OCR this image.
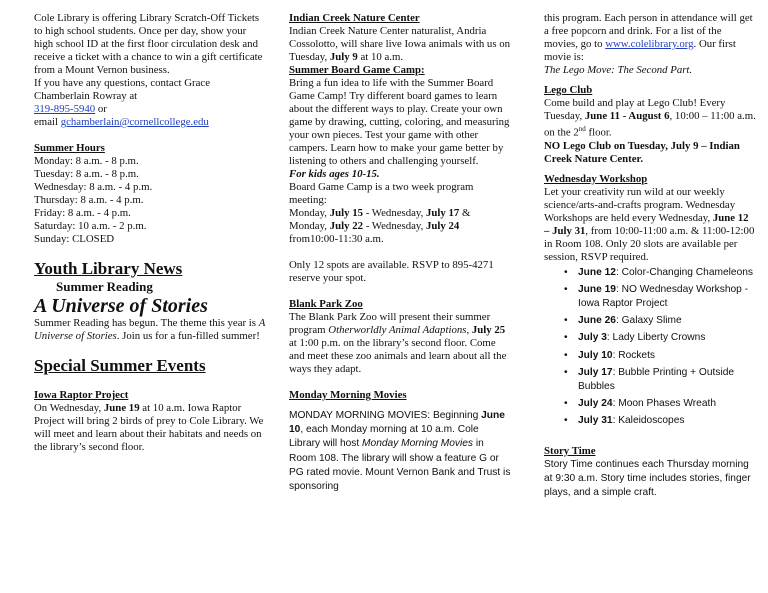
Cole Library is offering Library Scratch-Off Tickets to high school students. Once per day, show your high school ID at the first floor circulation desk and receive a ticket with a chance to win a gift certificate from a Mount Vernon business.

If you have any questions, contact Grace Chamberlain Rowray at
319-895-5940 or
email gchamberlain@cornellcollege.edu

Summer Hours

Monday: 8 a.m. - 8 p.m.

Tuesday: 8 a.m. - 8 p.m.

Wednesday: 8 a.m. - 4 p.m.

Thursday: 8 a.m. - 4 p.m.

Friday: 8 a.m. - 4 p.m.

Saturday: 10 a.m. - 2 p.m.

Sunday: CLOSED

Youth Library News

Summer Reading

A Universe of Stories

Summer Reading has begun. The theme this year is A Universe of Stories. Join us for a fun-filled summer!

Special Summer Events

Iowa Raptor Project

On Wednesday, June 19 at 10 a.m. Iowa Raptor Project will bring 2 birds of prey to Cole Library. We will meet and learn about their habitats and needs on the library’s second floor.

Indian Creek Nature Center

Indian Creek Nature Center naturalist, Andria Cossolotto, will share live Iowa animals with us on Tuesday, July 9 at 10 a.m.

Summer Board Game Camp:

Bring a fun idea to life with the Summer Board Game Camp! Try different board games to learn about the different ways to play. Create your own game by drawing, cutting, coloring, and measuring your own pieces. Test your game with other campers. Learn how to make your game better by listening to others and challenging yourself.

For kids ages 10-15.

Board Game Camp is a two week program meeting:

Monday, July 15 - Wednesday, July 17 & Monday, July 22 - Wednesday, July 24 from10:00-11:30 a.m.

Only 12 spots are available. RSVP to 895-4271 reserve your spot.

Blank Park Zoo

The Blank Park Zoo will present their summer program Otherworldly Animal Adaptions, July 25 at 1:00 p.m. on the library’s second floor. Come and meet these zoo animals and learn about all the ways they adapt.

Monday Morning Movies

MONDAY MORNING MOVIES: Beginning June 10, each Monday morning at 10 a.m. Cole Library will host Monday Morning Movies in Room 108. The library will show a feature G or PG rated movie. Mount Vernon Bank and Trust is sponsoring

this program. Each person in attendance will get a free popcorn and drink. For a list of the movies, go to www.colelibrary.org. Our first movie is:

The Lego Move: The Second Part.

Lego Club

Come build and play at Lego Club! Every Tuesday, June 11 - August 6, 10:00 – 11:00 a.m. on the 2nd floor.

NO Lego Club on Tuesday, July 9 – Indian Creek Nature Center.

Wednesday Workshop

Let your creativity run wild at our weekly science/arts-and-crafts program. Wednesday Workshops are held every Wednesday, June 12 – July 31, from 10:00-11:00 a.m. & 11:00-12:00 in Room 108. Only 20 slots are available per session, RSVP required.

• June 12: Color-Changing Chameleons
• June 19: NO Wednesday Workshop - Iowa Raptor Project
• June 26: Galaxy Slime
• July 3: Lady Liberty Crowns
• July 10: Rockets
• July 17: Bubble Printing + Outside Bubbles
• July 24: Moon Phases Wreath
• July 31: Kaleidoscopes

Story Time

Story Time continues each Thursday morning at 9:30 a.m. Story time includes stories, finger plays, and a simple craft.
